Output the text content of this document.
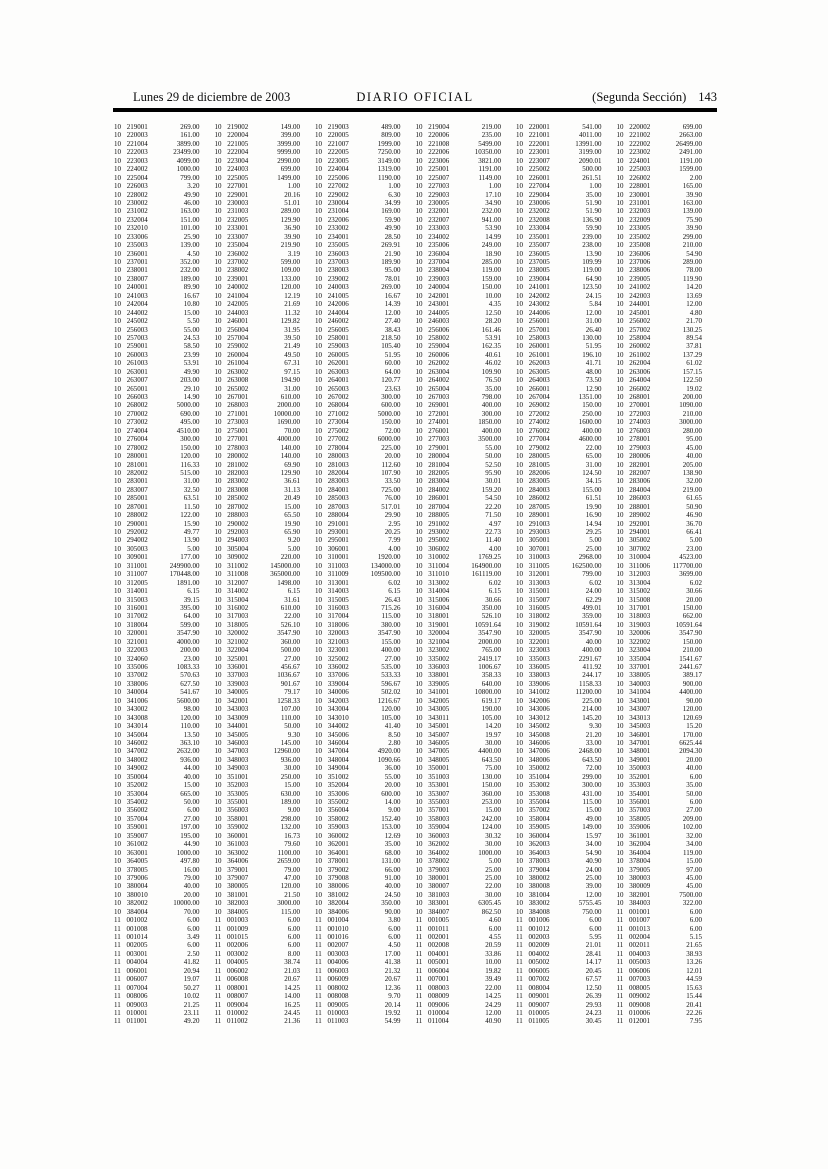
Lunes 29 de diciembre de 2003	DIARIO OFICIAL	(Segunda Sección) 143
10 219001	269.00 10 219002	149.00 10 219003	489.00 10 219004	219.00 10 220001	541.00 10 220002	699.00
10 220003	161.00 10 220004	399.00 10 220005	809.00 10 220006	235.00 10 221001	4011.00 10 221002	2663.00
10 221004	3899.00 10 221005	3999.00 10 221007	1999.00 10 221008	5499.00 10 222001	13991.00 10 222002	26499.00
10 222003	23499.00 10 222004	9999.00 10 222005	7250.00 10 222006	10350.00 10 223001	3199.00 10 223002	2491.00
10 223003	4099.00 10 223004	2990.00 10 223005	3149.00 10 223006	3821.00 10 223007	2090.01 10 224001	1191.00
10 224002	1000.00 10 224003	699.00 10 224004	1319.00 10 225001	1191.00 10 225002	500.00 10 225003	1599.00
10 225004	799.00 10 225005	1499.00 10 225006	1190.00 10 225007	1149.00 10 226001	261.51 10 226002	2.00
10 226003	3.20 10 227001	1.00 10 227002	1.00 10 227003	1.00 10 227004	1.00 10 228001	165.00
10 228002	49.90 10 229001	20.16 10 229002	6.30 10 229003	17.10 10 229004	35.00 10 230001	39.90
10 230002	46.00 10 230003	51.01 10 230004	34.99 10 230005	34.90 10 230006	51.90 10 231001	163.00
10 231002	163.00 10 231003	289.00 10 231004	169.00 10 232001	232.00 10 232002	51.90 10 232003	139.00
10 232004	151.00 10 232005	129.90 10 232006	59.90 10 232007	941.00 10 232008	136.90 10 232009	75.90
10 232010	101.00 10 233001	36.90 10 233002	49.90 10 233003	53.90 10 233004	59.90 10 233005	39.90
10 233006	25.90 10 233007	39.90 10 234001	28.50 10 234002	14.99 10 235001	239.00 10 235002	299.00
10 235003	139.00 10 235004	219.90 10 235005	269.91 10 235006	249.00 10 235007	238.00 10 235008	210.00
10 236001	4.50 10 236002	3.19 10 236003	21.90 10 236004	18.90 10 236005	13.90 10 236006	54.90
10 237001	352.00 10 237002	599.00 10 237003	189.90 10 237004	285.00 10 237005	109.99 10 237006	289.00
10 238001	232.00 10 238002	109.00 10 238003	95.00 10 238004	119.00 10 238005	119.00 10 238006	78.00
10 238007	189.00 10 239001	133.00 10 239002	78.01 10 239003	159.00 10 239004	64.90 10 239005	119.90
10 240001	89.90 10 240002	120.00 10 240003	269.00 10 240004	150.00 10 241001	123.50 10 241002	14.20
10 241003	16.67 10 241004	12.19 10 241005	16.67 10 242001	10.00 10 242002	24.15 10 242003	13.69
10 242004	10.80 10 242005	21.69 10 242006	14.39 10 243001	4.35 10 243002	5.84 10 244001	12.00
10 244002	15.00 10 244003	11.32 10 244004	12.00 10 244005	12.50 10 244006	12.00 10 245001	4.80
10 245002	5.50 10 246001	129.82 10 246002	27.40 10 246003	28.20 10 256001	31.00 10 256002	21.70
10 256003	55.00 10 256004	31.95 10 256005	38.43 10 256006	161.46 10 257001	26.40 10 257002	130.25
10 257003	24.53 10 257004	39.50 10 258001	218.50 10 258002	53.91 10 258003	130.00 10 258004	89.54
10 259001	58.50 10 259002	21.49 10 259003	105.40 10 259004	162.35 10 260001	51.95 10 260002	37.81
10 260003	23.99 10 260004	49.50 10 260005	51.95 10 260006	40.61 10 261001	196.10 10 261002	137.29
10 261003	53.91 10 261004	67.31 10 262001	60.00 10 262002	46.02 10 262003	41.71 10 262004	61.02
10 263001	49.90 10 263002	97.15 10 263003	64.00 10 263004	109.90 10 263005	48.00 10 263006	157.15
10 263007	203.00 10 263008	194.90 10 264001	120.77 10 264002	76.50 10 264003	73.50 10 264004	122.50
10 265001	29.10 10 265002	31.00 10 265003	23.63 10 265004	35.00 10 266001	12.90 10 266002	19.02
10 266003	14.90 10 267001	610.00 10 267002	300.00 10 267003	798.00 10 267004	1351.00 10 268001	200.00
10 268002	5000.00 10 268003	2000.00 10 268004	600.00 10 269001	400.00 10 269002	150.00 10 270001	1090.00
10 270002	690.00 10 271001	10000.00 10 271002	5000.00 10 272001	300.00 10 272002	250.00 10 272003	210.00
10 273002	495.00 10 273003	1690.00 10 273004	150.00 10 274001	1850.00 10 274002	1600.00 10 274003	3000.00
10 274004	4510.00 10 275001	70.00 10 275002	72.00 10 276001	400.00 10 276002	400.00 10 276003	280.00
10 276004	300.00 10 277001	4000.00 10 277002	6000.00 10 277003	3500.00 10 277004	4600.00 10 278001	95.00
10 278002	150.00 10 278003	140.00 10 278004	225.00 10 279001	55.00 10 279002	22.00 10 279003	45.00
10 280001	120.00 10 280002	140.00 10 280003	20.00 10 280004	50.00 10 280005	65.00 10 280006	40.00
10 281001	116.33 10 281002	69.90 10 281003	112.60 10 281004	52.50 10 281005	31.00 10 282001	205.00
10 282002	515.00 10 282003	129.90 10 282004	107.90 10 282005	95.90 10 282006	124.50 10 282007	138.90
10 283001	31.00 10 283002	36.61 10 283003	33.50 10 283004	30.01 10 283005	34.15 10 283006	32.00
10 283007	32.50 10 283008	31.13 10 284001	725.00 10 284002	159.20 10 284003	155.00 10 284004	219.00
10 285001	63.51 10 285002	20.49 10 285003	76.00 10 286001	54.50 10 286002	61.51 10 286003	61.65
10 287001	11.50 10 287002	15.00 10 287003	517.01 10 287004	22.20 10 287005	19.90 10 288001	50.90
10 288002	122.00 10 288003	65.50 10 288004	29.90 10 288005	71.50 10 289001	16.90 10 289002	46.90
10 290001	15.90 10 290002	19.90 10 291001	2.95 10 291002	4.97 10 291003	14.94 10 292001	36.70
10 292002	49.77 10 292003	65.90 10 293001	20.25 10 293002	22.73 10 293003	29.25 10 294001	66.41
10 294002	13.90 10 294003	9.20 10 295001	7.99 10 295002	11.40 10 305001	5.00 10 305002	5.00
10 305003	5.00 10 305004	5.00 10 306001	4.00 10 306002	4.00 10 307001	25.00 10 307002	23.00
10 309001	177.00 10 309002	220.00 10 310001	1920.00 10 310002	1769.25 10 310003	2968.00 10 310004	4523.00
10 311001	249900.00 10 311002	145000.00 10 311003	134000.00 10 311004	164900.00 10 311005	162500.00 10 311006	117700.00
10 311007	170448.00 10 311008	365000.00 10 311009	109500.00 10 311010	161119.00 10 312001	799.00 10 312003	3699.00
10 312005	1891.00 10 312007	1498.00 10 313001	6.02 10 313002	6.02 10 313003	6.02 10 313004	6.02
10 314001	6.15 10 314002	6.15 10 314003	6.15 10 314004	6.15 10 315001	24.00 10 315002	30.66
10 315003	39.15 10 315004	31.61 10 315005	26.43 10 315006	30.66 10 315007	62.29 10 315008	20.00
10 316001	395.00 10 316002	610.00 10 316003	715.26 10 316004	350.00 10 316005	499.01 10 317001	150.00
10 317002	64.00 10 317003	22.00 10 317004	115.00 10 318001	526.10 10 318002	359.00 10 318003	662.00
10 318004	599.00 10 318005	526.10 10 318006	380.00 10 319001	10591.64 10 319002	10591.64 10 319003	10591.64
10 320001	3547.90 10 320002	3547.90 10 320003	3547.90 10 320004	3547.90 10 320005	3547.90 10 320006	3547.90
10 321001	4000.00 10 321002	360.00 10 321003	155.00 10 321004	2000.00 10 322001	40.00 10 322002	150.00
10 322003	200.00 10 322004	500.00 10 323001	400.00 10 323002	765.00 10 323003	400.00 10 323004	210.00
10 324060	23.00 10 325001	27.00 10 325002	27.00 10 335002	2419.17 10 335003	2291.67 10 335004	1541.67
10 335006	1083.33 10 336001	456.67 10 336002	535.00 10 336003	1006.67 10 336005	411.92 10 337001	2441.67
10 337002	570.63 10 337003	1036.67 10 337006	533.33 10 338001	358.33 10 338003	244.17 10 338005	389.17
10 338006	627.50 10 339003	901.67 10 339004	596.67 10 339005	640.00 10 339006	1158.33 10 340003	900.00
10 340004	541.67 10 340005	79.17 10 340006	502.02 10 341001	10800.00 10 341002	11200.00 10 341004	4400.00
10 341006	5600.00 10 342001	1258.33 10 342003	1216.67 10 342005	619.17 10 342006	225.00 10 343001	90.00
10 343002	98.00 10 343003	107.00 10 343004	120.00 10 343005	190.00 10 343006	214.00 10 343007	120.00
10 343008	120.00 10 343009	110.00 10 343010	105.00 10 343011	105.00 10 343012	145.20 10 343013	120.69
10 343014	110.00 10 344001	50.00 10 344002	41.40 10 345001	14.20 10 345002	9.30 10 345003	15.20
10 345004	13.50 10 345005	9.30 10 345006	8.50 10 345007	19.97 10 345008	21.20 10 346001	170.00
10 346002	363.10 10 346003	145.00 10 346004	2.80 10 346005	30.00 10 346006	33.00 10 347001	6625.44
10 347002	2632.00 10 347003	12960.00 10 347004	4920.00 10 347005	4400.00 10 347006	2468.00 10 348001	2094.30
10 348002	936.00 10 348003	936.00 10 348004	1090.66 10 348005	643.50 10 348006	643.50 10 349001	20.00
10 349002	44.00 10 349003	30.00 10 349004	36.00 10 350001	75.00 10 350002	72.00 10 350003	40.00
10 350004	40.00 10 351001	250.00 10 351002	55.00 10 351003	130.00 10 351004	299.00 10 352001	6.00
10 352002	15.00 10 352003	15.00 10 352004	20.00 10 353001	150.00 10 353002	300.00 10 353003	35.00
10 353004	665.00 10 353005	630.00 10 353006	600.00 10 353007	360.00 10 353008	431.00 10 354001	50.00
10 354002	50.00 10 355001	189.00 10 355002	14.00 10 355003	253.00 10 355004	115.00 10 356001	6.00
10 356002	6.00 10 356003	9.00 10 356004	9.00 10 357001	15.00 10 357002	15.00 10 357003	27.00
10 357004	27.00 10 358001	298.00 10 358002	152.40 10 358003	242.00 10 358004	49.00 10 358005	209.00
10 359001	197.00 10 359002	132.00 10 359003	153.00 10 359004	124.00 10 359005	149.00 10 359006	102.00
10 359007	195.00 10 360001	16.73 10 360002	12.69 10 360003	30.32 10 360004	15.97 10 361001	32.00
10 361002	44.90 10 361003	79.60 10 362001	35.00 10 362002	30.00 10 362003	34.00 10 362004	34.00
10 363001	1000.00 10 363002	1100.00 10 364001	68.00 10 364002	1000.00 10 364003	54.90 10 364004	119.00
10 364005	497.80 10 364006	2659.00 10 378001	131.00 10 378002	5.00 10 378003	40.90 10 378004	15.00
10 378005	16.00 10 379001	79.00 10 379002	66.00 10 379003	25.00 10 379004	24.00 10 379005	97.00
10 379006	79.00 10 379007	47.00 10 379008	91.00 10 380001	25.00 10 380002	25.00 10 380003	45.00
10 380004	40.00 10 380005	120.00 10 380006	40.00 10 380007	22.00 10 380008	39.00 10 380009	45.00
10 380010	20.00 10 381001	21.50 10 381002	24.50 10 381003	30.00 10 381004	12.00 10 382001	7500.00
10 382002	10000.00 10 382003	3000.00 10 382004	350.00 10 383001	6305.45 10 383002	5755.45 10 384003	322.00
10 384004	70.00 10 384005	115.00 10 384006	90.00 10 384007	862.50 10 384008	750.00 11 001001	6.00
11 001002	6.00 11 001003	6.00 11 001004	3.80 11 001005	4.60 11 001006	6.00 11 001007	6.00
11 001008	6.00 11 001009	6.00 11 001010	6.00 11 001011	6.00 11 001012	6.00 11 001013	6.00
11 001014	3.49 11 001015	6.00 11 001016	6.00 11 002001	4.55 11 002003	5.95 11 002004	5.15
11 002005	6.00 11 002006	6.00 11 002007	4.50 11 002008	20.59 11 002009	21.01 11 002011	21.65
11 003001	2.50 11 003002	8.00 11 003003	17.00 11 004001	33.86 11 004002	28.41 11 004003	38.93
11 004004	41.82 11 004005	38.74 11 004006	41.38 11 005001	10.00 11 005002	14.17 11 005003	13.26
11 006001	20.94 11 006002	21.03 11 006003	21.32 11 006004	19.82 11 006005	20.45 11 006006	12.01
11 006007	19.07 11 006008	20.67 11 006009	20.67 11 007001	39.49 11 007002	67.57 11 007003	44.59
11 007004	50.27 11 008001	14.25 11 008002	12.36 11 008003	22.00 11 008004	12.50 11 008005	15.63
11 008006	10.02 11 008007	14.00 11 008008	9.70 11 008009	14.25 11 009001	26.39 11 009002	15.44
11 009003	21.25 11 009004	16.25 11 009005	20.14 11 009006	24.29 11 009007	29.93 11 009008	20.41
11 010001	23.11 11 010002	24.45 11 010003	19.92 11 010004	12.00 11 010005	24.23 11 010006	22.26
11 011001	49.20 11 011002	21.36 11 011003	54.99 11 011004	40.90 11 011005	30.45 11 012001	7.95
